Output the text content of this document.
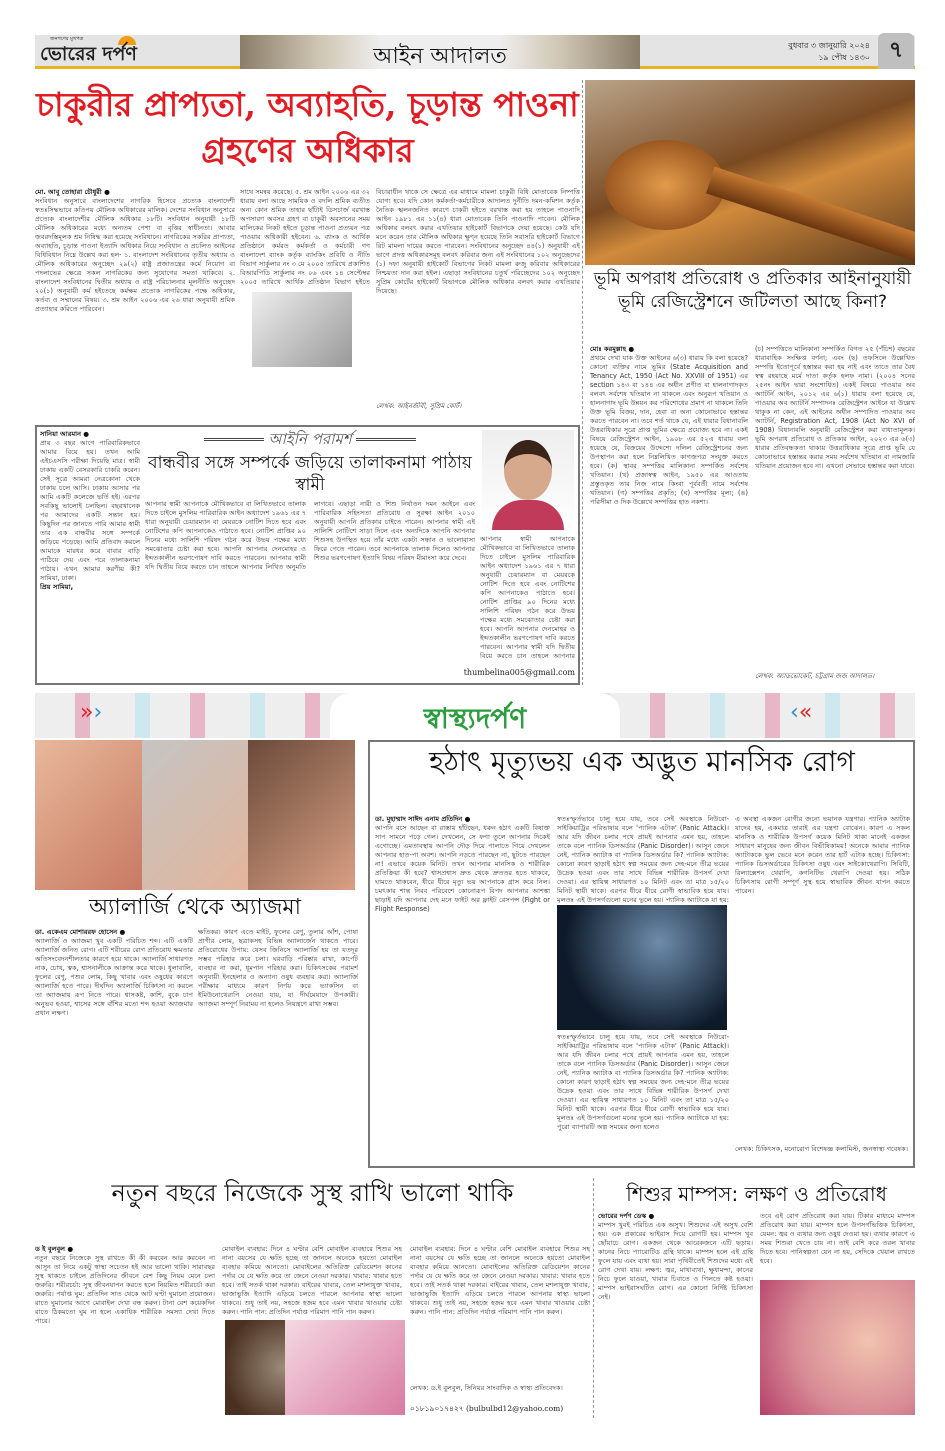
জনগণের মুখপত্র
ভোরের দর্পণ	আইন আদালত	বুধবার ৩ জানুয়ারি ২০২৪
১৯ পৌষ ১৪৩০ ৭
চাকুরীর প্রাপ্যতা, অব্যাহতি, চূড়ান্ত পাওনা গ্রহণের অধিকার
মো. আবু তোহারা চৌধুরী ●
সংবিধান অনুসারে বাংলাদেশের নাগরিক হিসেবে প্রত্যেক বাংলাদেশী স্বতঃসিদ্ধভাবে কতিপয় মৌলিক অধিকারের মালিক। দেশের সংবিধান অনুসারে প্রত্যেক বাংলাদেশীর মৌলিক অধিকার ১৮টি। সংবিধান অনুযায়ী ১৮টি মৌলিক অধিকারের মধ্যে অন্যতম পেশা বা বৃত্তির স্বাধীনতা। আবার জবরদস্তিমূলক শ্রম নিষিদ্ধ করা হয়েছে সংবিধানে। নাগরিকের সকরির প্রাপ্যতা, অব্যাহতি, চূড়ান্ত পাওনা ইত্যাদি অধিকার নিয়ে সংবিধান ও প্রচলিত আইনের বিধিবিধান নিম্নে উল্লেখ করা হল- ১. বাংলাদেশ সংবিধানের তৃতীয় অধ্যায় ও মৌলিক অধিকারের অনুচ্ছেদ ২৯(২) রাষ্ট্র প্রজাতন্ত্রের কর্মে নিয়োগ বা পদলাভের ক্ষেত্রে সকল নাগরিকের জন্য সুযোগের সমতা থাকিবে। ২. বাংলাদেশ সংবিধানের দ্বিতীয় অধ্যায় ও রাষ্ট্র পরিচালনার মূলনীতি অনুচ্ছেদ ২০(১) অনুযায়ী কর্ম হইতেছে কর্মক্ষম প্রত্যেক নাগরিকের পক্ষে অধিকার, কর্তব্য ও সম্মানের বিষয়। ৩. শ্রম আইন ২০০৬ এর ২৬ ধারা অনুযায়ী শ্রমিক প্রত্যাহার করিতে পারিবেন।
সাথে সমন্বয় করেছে। ৫. শ্রম আইন ২০০৬ এর ৩২ ধারায় বলা আছে সাময়িক ও বদলি শ্রমিক ব্যতীত অন্য কোন শ্রমিক তাহার ছাঁটাই ডিসচার্জ বরখাস্ত অপসারণ অবসর গ্রহণ বা চাকুরী অবসানের সময় মালিকের নিকট হইতে চূড়ান্ত পাওনা প্রত্যয়ন পত্র পাওয়ার অধিকারী হইবেন। ৬. ব্যাংক ও আর্থিক প্রতিষ্ঠানে কর্মরত কর্মকর্তা ও কর্মচারী গণ বাংলাদেশ ব্যাংক কর্তৃক ব্যাংকিং প্রবিধি ও নীতি বিভাগ সার্কুলার নং ৩ মে ২০০৫ তারিখে প্রকাশিত বিআরপিডি সার্কুলার নং ০৬ এবং ১৪ সেপ্টেম্বর ২০০৫ তারিখে আর্থিক প্রতিষ্ঠান বিভাগ হইতে
বিচারাধীন থাকে সে ক্ষেত্রে এর মাধ্যমে মামলা চাকুরী বিধি মোতাবেক নিষ্পত্তি যোগ্য হবে। যদি কোন কর্মকর্তা-কর্মচারীকে আদালত দুর্নীতি দমন-কমিশন কর্তৃক নৈতিক স্খলনজনিত কারণে চাকরী হইতে বরখাস্ত করা হয় তাহলে পাওনাদি আইন ১৯৮১ এর ১১(৪) ধারা মোতাবেক তিনি পাওনাদি পাবেন। মৌলিক অধিকার বলবৎ করার এখতিয়ার হাইকোর্ট বিভাগকে দেয়া হয়েছে। কেউ যদি মনে করেন তার মৌলিক অধিকার ক্ষুণ্ন হয়েছে তিনি সরাসরি হাইকোর্ট বিভাগে রিট মামলা দায়ের করতে পারবেন। সংবিধানের অনুচ্ছেদ ৪৪(১) অনুযায়ী এই ভাগে প্রদত্ত অধিকারসমূহ বলবৎ করিবার জন্য এই সংবিধানের ১০২ অনুচ্ছেদের (১) দফা অনুযায়ী হাইকোর্ট বিভাগের নিকট মামলা রুজু করিবার অধিকারের নিশ্চয়তা দান করা হইল। এছাড়া সংবিধানের চতুর্থ পরিচ্ছেদের ১০২ অনুচ্ছেদ সুপ্রিম কোর্টের হাইকোর্ট বিভাগকে মৌলিক অধিকার বলবৎ করার এখতিয়ার দিয়েছে।
লেখক: আইনজীবী, সুপ্রিম কোর্ট।
ভূমি অপরাধ প্রতিরোধ ও প্রতিকার আইনানুযায়ী ভূমি রেজিস্ট্রেশনে জটিলতা আছে কিনা?
মোঃ করমুল্লাহ ●
প্রথমে দেখা যাক উক্ত আইনের ৬(৩) ধারায় কি বলা হয়েছে? কোনো ব্যক্তির নামে ভূমির (State Acquisition and Tenancy Act, 1950 (Act No. XXVIII of 1951) এর section ১৪৩ বা ১৪৪ এর অধীন প্রণীত বা হালনাগাদকৃত বলবৎ সর্বশেষ খতিয়ান না থাকলে এবং অনুরূপ খতিয়ান ও হালনাগাদ ভূমি উন্নয়ন কর পরিশোধের প্রমাণ না থাকলে তিনি উক্ত ভূমি বিক্রয়, দান, হেবা বা অন্য কোনোভাবে হস্তান্তর করতে পারবেন না। তবে শর্ত থাকে যে, এই ধারার বিধানাবলি উত্তরাধিকার সূত্রে প্রাপ্ত ভূমির ক্ষেত্রে প্রযোজ্য হবে না। একই বিষয়ে রেজিস্ট্রেশন আইন, ১৯০৮ এর ৫২এ ধারায় বলা হয়েছে যে, বিক্রয়ের উদ্দেশ্যে দলিল রেজিস্ট্রেশনের জন্য উপস্থাপন করা হলে নিম্নলিখিত কাগজপত্র সংযুক্ত করতে হবে। (ক) স্থাবর সম্পত্তির মালিকানা সম্পর্কিত সর্বশেষ খতিয়ান। (খ) প্রজাস্বত্ব আইন, ১৯৫০ এর আওতায় প্রস্তুতকৃত তার নিজ নামে কিংবা পূর্ববর্তী নামে সর্বশেষ খতিয়ান। (গ) সম্পত্তির প্রকৃতি; (ঘ) সম্পত্তির মূল্য; (ঙ) পরিসীমা ও দিক উল্লেখে সম্পত্তির হাত নকশা।
(চ) সম্পত্তিতে মালিকানা সম্পর্কিত বিগত ২৫ (পঁচিশ) বছরের ধারাবাহিক সংক্ষিপ্ত বর্ণনা; এবং (ছ) তফসিলে উল্লেখিত সম্পত্তি ইতোপূর্বে হস্তান্তর করা হয় নাই এবং তাতে তার বৈধ স্বত্ব রহয়াছে মর্মে দাতা কর্তৃক হলফ নামা। (২০০৪ সনের ২৫নং আইন দ্বারা সংশোধিত) একই বিষয়ে পাওয়ার অব অ্যাটর্নি আইন, ২০১২ এর ৬(১) ধারায় বলা হয়েছে যে, পাওয়ার অব অ্যাটর্নি সম্পাদনঃ রেজিস্ট্রেশন আইনে যা উল্লেখ থাকুক না কেন, এই আইনের অধীন সম্পাদিত পাওয়ার অব অ্যাটর্নি, Registration Act, 1908 (Act No XVI of 1908) বিধানাবলি অনুযায়ী রেজিস্ট্রেশন করা বাধ্যতামূলক। ভূমি অপরাধ প্রতিরোধ ও প্রতিকার আইন, ২০২৩ এর ৬(৩) ধারার প্রতিবন্ধকতা থাকায় উত্তরাধিকার সূত্রে প্রাপ্ত ভূমি যে কোনোভাবে হস্তান্তর করার সময় সর্বশেষ খতিয়ান বা নামজারি খতিয়ান প্রয়োজন হবে না। এখনো সেভাবে হস্তান্তর করা যাবে।
লেখক: অ্যাডভোকেট, চট্টগ্রাম জজ আদালত।
আইনি পরামর্শ
বান্ধবীর সঙ্গে সম্পর্কে জড়িয়ে তালাকনামা পাঠায় স্বামী
সানিয়া আরমান ●
প্রায় ৩ বছর আগে পারিবারিকভাবে আমার বিয়ে হয়। তখন আমি এইচএসসি পরীক্ষা দিয়েছি মাত্র। স্বামী ঢাকায় একটি বেসরকারি চাকরি করেন। সেই সূত্রে আমরা নেত্রকোনা থেকে ঢাকায় চলে আসি। ঢাকায় আসার পর আমি একটি কলেজে ভর্তি হই। এরপর সবকিছু ভালোই চলছিল। বছরখানেক পর আমাদের একটি সন্তান হয়। কিছুদিন পর জানতে পারি আমার স্বামী তার এক বান্ধবীর সঙ্গে সম্পর্কে জড়িয়ে পড়েছে। আমি প্রতিবাদ করলে আমাকে মারধর করে বাবার বাড়ি পাঠিয়ে দেয় এবং পরে তালাকনামা পাঠায়। এখন আমার করণীয় কী? সামিয়া, ঢাকা।
প্রিয় সামিয়া,
আপনার স্বামী আপনাকে মৌখিকভাবে বা লিখিতভাবে তালাক দিতে চাইলে মুসলিম পারিবারিক আইন অধ্যাদেশ ১৯৬১ এর ৭ ধারা অনুযায়ী চেয়ারম্যান বা মেয়রকে নোটিশ দিতে হবে এবং নোটিশের কপি আপনাকেও পাঠাতে হবে। নোটিশ প্রাপ্তির ৯০ দিনের মধ্যে সালিশি পরিষদ গঠন করে উভয় পক্ষের মধ্যে সমঝোতার চেষ্টা করা হবে। আপনি আপনার দেনমোহর ও ইদ্দতকালীন ভরণপোষণ দাবি করতে পারবেন। আপনার স্বামী যদি দ্বিতীয় বিয়ে করতে চান তাহলে আপনার লিখিত অনুমতি লাগবে। এছাড়া নারী ও শিশু নির্যাতন দমন আইনে এবং পারিবারিক সহিংসতা প্রতিরোধ ও সুরক্ষা আইন ২০১০ অনুযায়ী আপনি প্রতিকার চাইতে পারেন। আপনার স্বামী এই সালিশি নোটিশে সাড়া দিলে এবং অন্যদিকে আপনি আপনার শিশুসহ উপস্থিত হয়ে তাঁর মধ্যে একটা সন্ধান ও ভালোবাসা ফিরে পেতে পারেন। তবে আপনাকে তালাক দিলেও আপনার শিশুর ভরণপোষণ ইত্যাদি বিষয় পরিষদ মীমাংসা করে দেবে।
আপনার স্বামী আপনাকে মৌখিকভাবে বা লিখিতভাবে তালাক দিতে চাইলে মুসলিম পারিবারিক আইন অধ্যাদেশ ১৯৬১ এর ৭ ধারা অনুযায়ী চেয়ারম্যান বা মেয়রকে নোটিশ দিতে হবে এবং নোটিশের কপি আপনাকেও পাঠাতে হবে। নোটিশ প্রাপ্তির ৯০ দিনের মধ্যে সালিশি পরিষদ গঠন করে উভয় পক্ষের মধ্যে সমঝোতার চেষ্টা করা হবে। আপনি আপনার দেনমোহর ও ইদ্দতকালীন ভরণপোষণ দাবি করতে পারবেন। আপনার স্বামী যদি দ্বিতীয় বিয়ে করতে চান তাহলে আপনার
thumbelina005@gmail.com
»›	‹«
স্বাস্থ্যদর্পণ
অ্যালার্জি থেকে অ্যাজমা
ডা. একেএম মোশাররফ হোসেন ●
অ্যালার্জি ও অ্যাজমা খুব একটি পরিচিত শব্দ। এটি একটি অ্যালার্জি জনিত রোগ। এটি শরীরের রোগ প্রতিরোধ ক্ষমতার অতিসংবেদনশীলতার কারণে হয়ে থাকে। অ্যালার্জি সাধারণত নাক, চোখ, ত্বক, শ্বাসনালীকে আক্রান্ত করে থাকে। ধুলাবালি, ফুলের রেণু, পশুর লোম, কিছু খাবার এবং ওষুধের কারণে অ্যালার্জি হতে পারে। দীর্ঘদিন অ্যালার্জি চিকিৎসা না করলে তা অ্যাজমায় রূপ নিতে পারে। শ্বাসকষ্ট, কাশি, বুকে চাপ অনুভব হওয়া, শ্বাসের সঙ্গে বাঁশির মতো শব্দ হওয়া অ্যাজমার প্রধান লক্ষণ।
ক্ষতিকর। কারণ এতে মাইট, ফুলের রেণু, তুলার আঁশ, পোষা প্রাণীর লোম, ছত্রাকসহ বিভিন্ন অ্যালার্জেন থাকতে পারে। প্রতিরোধের উপায়: যেসব জিনিসে অ্যালার্জি হয় তা যতদূর সম্ভব পরিহার করে চলা। ঘরবাড়ি পরিষ্কার রাখা, কার্পেট ব্যবহার না করা, ধূমপান পরিহার করা। চিকিৎসকের পরামর্শ অনুযায়ী ইনহেলার ও অন্যান্য ওষুধ ব্যবহার করা। অ্যালার্জি পরীক্ষার মাধ্যমে কারণ নির্ণয় করে ভ্যাকসিন বা ইমিউনোথেরাপি নেওয়া যায়, যা দীর্ঘমেয়াদে উপকারী। অ্যাজমা সম্পূর্ণ নিরাময় না হলেও নিয়ন্ত্রণে রাখা সম্ভব।
হঠাৎ মৃত্যুভয় এক অদ্ভুত মানসিক রোগ
ডা. মুহাম্মাদ সাঈদ এনাম প্রতিদিন ●
আপনি বসে আছেন বা রাস্তায় হাঁটছেন, ধরুন হঠাৎ একটি বিষাক্ত সাপ সামনে পড়ে গেল। দেখলেন, সে ফণা তুলে আপনার দিকেই এগোচ্ছে। এমতাবস্থায় আপনি দৌড় দিয়ে পালাতে গিয়ে দেখলেন আপনার হাত-পা অবশ। আপনি নড়তে পারছেন না, ছুটতে পারছেন না! এভাবে কয়েক মিনিট। তখন আপনার মানসিক ও শারীরিক প্রতিক্রিয়া কী হবে? শ্বাসপ্রশ্বাস দ্রুত থেকে দ্রুততর হতে থাকবে, ঘামতে থাকবেন, ধীরে ধীরে মৃত্যু ভয় আপনাকে গ্রাস করে নিল। চমৎকার শান্ত নিরব পরিবেশে কোনোরূপ বিপদ আপনার আশঙ্কা ছাড়াই যদি আপনার দেহ মনে ফাইট অর ফ্লাইট রেসপন্স (Fight or Flight Response)
স্বতঃস্ফূর্তভাবে চালু হয়ে যায়, তবে সেই অবস্থাকে নিউরো-সাইকিয়াট্রির পরিভাষায় বলে 'প্যানিক এটাক' (Panic Attack)। আর যদি জীবন চলার পথে প্রায়ই আপনার এমন হয়, তাহলে তাকে বলে প্যানিক ডিসঅর্ডার (Panic Disorder)। আসুন জেনে নেই, প্যানিক অ্যাটাক বা প্যানিক ডিসঅর্ডার কি? প্যানিক অ্যাটাক: কোনো কারণ ছাড়াই হঠাৎ স্বল্প সময়ের জন্য দেহ-মনে তীব্র ভয়ের উদ্রেক হওয়া এবং তার সাথে বিভিন্ন শারীরিক উপসর্গ দেখা দেওয়া। এর স্থায়িত্ব সাধারণত ১০ মিনিট এবং তা মাত্র ১৫/২০ মিনিট স্থায়ী থাকে। এরপর ধীরে ধীরে রোগী স্বাভাবিক হয়ে যায়। মূলতঃ এই উপসর্গগুলো মনের ভুলে হয়। প্যানিক অ্যাটাকে যা হয়:
স্বতঃস্ফূর্তভাবে চালু হয়ে যায়, তবে সেই অবস্থাকে নিউরো-সাইকিয়াট্রির পরিভাষায় বলে 'প্যানিক এটাক' (Panic Attack)। আর যদি জীবন চলার পথে প্রায়ই আপনার এমন হয়, তাহলে তাকে বলে প্যানিক ডিসঅর্ডার (Panic Disorder)। আসুন জেনে নেই, প্যানিক অ্যাটাক বা প্যানিক ডিসঅর্ডার কি? প্যানিক অ্যাটাক: কোনো কারণ ছাড়াই হঠাৎ স্বল্প সময়ের জন্য দেহ-মনে তীব্র ভয়ের উদ্রেক হওয়া এবং তার সাথে বিভিন্ন শারীরিক উপসর্গ দেখা দেওয়া। এর স্থায়িত্ব সাধারণত ১০ মিনিট এবং তা মাত্র ১৫/২০ মিনিট স্থায়ী থাকে। এরপর ধীরে ধীরে রোগী স্বাভাবিক হয়ে যায়। মূলতঃ এই উপসর্গগুলো মনের ভুলে হয়। প্যানিক অ্যাটাকে যা হয়: পুরো ব্যাপারটি অল্প সময়ের জন্য হলেও
এ অবস্থা একজন রোগীর জন্যে ভয়ানক যন্ত্রণার। প্যানিক অ্যাটাক যাদের হয়, একমাত্র তারাই এর যন্ত্রণা বোঝেন। কারণ এ সকল মানসিক ও শারীরিক উপসর্গ কয়েক মিনিট থাকা মানেই একজন সাধারণ মানুষের জন্য জীবন বিভীষিকাময়! অনেকে আবার প্যানিক অ্যাটাককে ভুল ভেবে মনে করেন তার হার্ট এটাক হচ্ছে। চিকিৎসা: প্যানিক ডিসঅর্ডারের চিকিৎসা ওষুধ এবং সাইকোথেরাপি। সিবিটি, রিল্যাক্সেশন থেরাপি, কগনিটিভ থেরাপি দেওয়া হয়। সঠিক চিকিৎসায় রোগী সম্পূর্ণ সুস্থ হয়ে স্বাভাবিক জীবন যাপন করতে পারেন।
লেখক: চিকিৎসক, মনোরোগ বিশেষজ্ঞ কলামিস্ট, জনস্বাস্থ্য গবেষক।
নতুন বছরে নিজেকে সুস্থ রাখি ভালো থাকি
ড ই বুলবুল ●
নতুন বছরে নিজেকে সুস্থ রাখতে কী কী করবেন আর করবেন না আসুন তা নিয়ে একটু স্বাস্থ্য সচেতন হই আর ভালো থাকি। সারাবছর সুস্থ থাকতে চাইলে প্রতিদিনের জীবনে বেশ কিছু নিয়ম মেনে চলা জরুরি। শরীরচর্চা: সুস্থ জীবনযাপন করতে হলে নিয়মিত শরীরচর্চা করা জরুরি। পর্যাপ্ত ঘুম: প্রতিদিন সাত থেকে আট ঘণ্টা ঘুমানো প্রয়োজন। রাতে ঘুমানোর আগে মোবাইল দেখা বন্ধ করুন। টানা বেশ কয়েকদিন রাতে ঠিকমতো ঘুম না হলে একাধিক শারীরিক সমস্যা দেখা দিতে পারে।
মোবাইল ব্যবহার: দিনে ৪ ঘণ্টার বেশি মোবাইল ব্যবহারে শিশুর সহ নানা বয়সের যে ক্ষতি হচ্ছে তা জানলে অনেকে হয়তো মোবাইল ব্যবহার কমিয়ে আনতো। মোবাইলের অতিরিক্ত রেডিয়েশন কানের পর্দার যে যে ক্ষতি করে তা জেনে নেওয়া দরকার। খাবার: খাবার হতে হবে। তাই সতর্ক থাকা দরকার। বাইরের খাবার, তেল মশলাযুক্ত খাবার, ভাজাভুজি ইত্যাদি এড়িয়ে চলতে পারলে আপনার স্বাস্থ্য ভালো থাকবে। শুধু তাই নয়, সহজে হজম হবে এমন খাবার খাওয়ার চেষ্টা করুন। পানি পান: প্রতিদিন পর্যাপ্ত পরিমাণ পানি পান করুন।
মোবাইল ব্যবহার: দিনে ৪ ঘণ্টার বেশি মোবাইল ব্যবহারে শিশুর সহ নানা বয়সের যে ক্ষতি হচ্ছে তা জানলে অনেকে হয়তো মোবাইল ব্যবহার কমিয়ে আনতো। মোবাইলের অতিরিক্ত রেডিয়েশন কানের পর্দার যে যে ক্ষতি করে তা জেনে নেওয়া দরকার। খাবার: খাবার হতে হবে। তাই সতর্ক থাকা দরকার। বাইরের খাবার, তেল মশলাযুক্ত খাবার, ভাজাভুজি ইত্যাদি এড়িয়ে চলতে পারলে আপনার স্বাস্থ্য ভালো থাকবে। শুধু তাই নয়, সহজে হজম হবে এমন খাবার খাওয়ার চেষ্টা করুন। পানি পান: প্রতিদিন পর্যাপ্ত পরিমাণ পানি পান করুন।
লেখক: ড.ই বুলবুল, সিনিয়র সাংবাদিক ও স্বাস্থ্য প্রতিবেদক।
০১৮১৯০১৭৪২৭ (bulbulbd12@yahoo.com)
শিশুর মাম্পস: লক্ষণ ও প্রতিরোধ
ভোরের দর্পণ ডেস্ক ●
মাম্পস খুবই পরিচিত এক অসুখ। শিশুদের এই অসুখ বেশি হয়। এক প্রকারের ভাইরাস দিয়ে রোগটি হয়। মাম্পস খুব ছোঁয়াচে রোগ। একজন থেকে আরেকজনে এটি ছড়ায়। কানের নিচে প্যারোটিড গ্রন্থি থাকে। মাম্পস হলে এই গ্রন্থি ফুলে যায় এবং ব্যথা হয়। সারা পৃথিবীতেই শিশুদের মধ্যে এই রোগ দেখা যায়। লক্ষণ: জ্বর, মাথাব্যথা, ক্ষুধামন্দা, কানের নিচে ফুলে যাওয়া, খাবার চিবাতে ও গিলতে কষ্ট হওয়া। মাম্পস ভাইরাসঘটিত রোগ। এর কোনো নির্দিষ্ট চিকিৎসা নেই।
তবে এই রোগ প্রতিরোধ করা যায়। টিকার মাধ্যমে মাম্পস প্রতিরোধ করা যায়। মাম্পস হলে উপসর্গভিত্তিক চিকিৎসা, যেমন: জ্বর ও ব্যথার জন্য ওষুধ দেওয়া হয়। ব্যথার কারণে এ সময় শিশুরা খেতে চায় না। তাই বেশি করে তরল খাবার দিতে হবে। পানিস্বল্পতা যেন না হয়, সেদিকে খেয়াল রাখতে হবে।
